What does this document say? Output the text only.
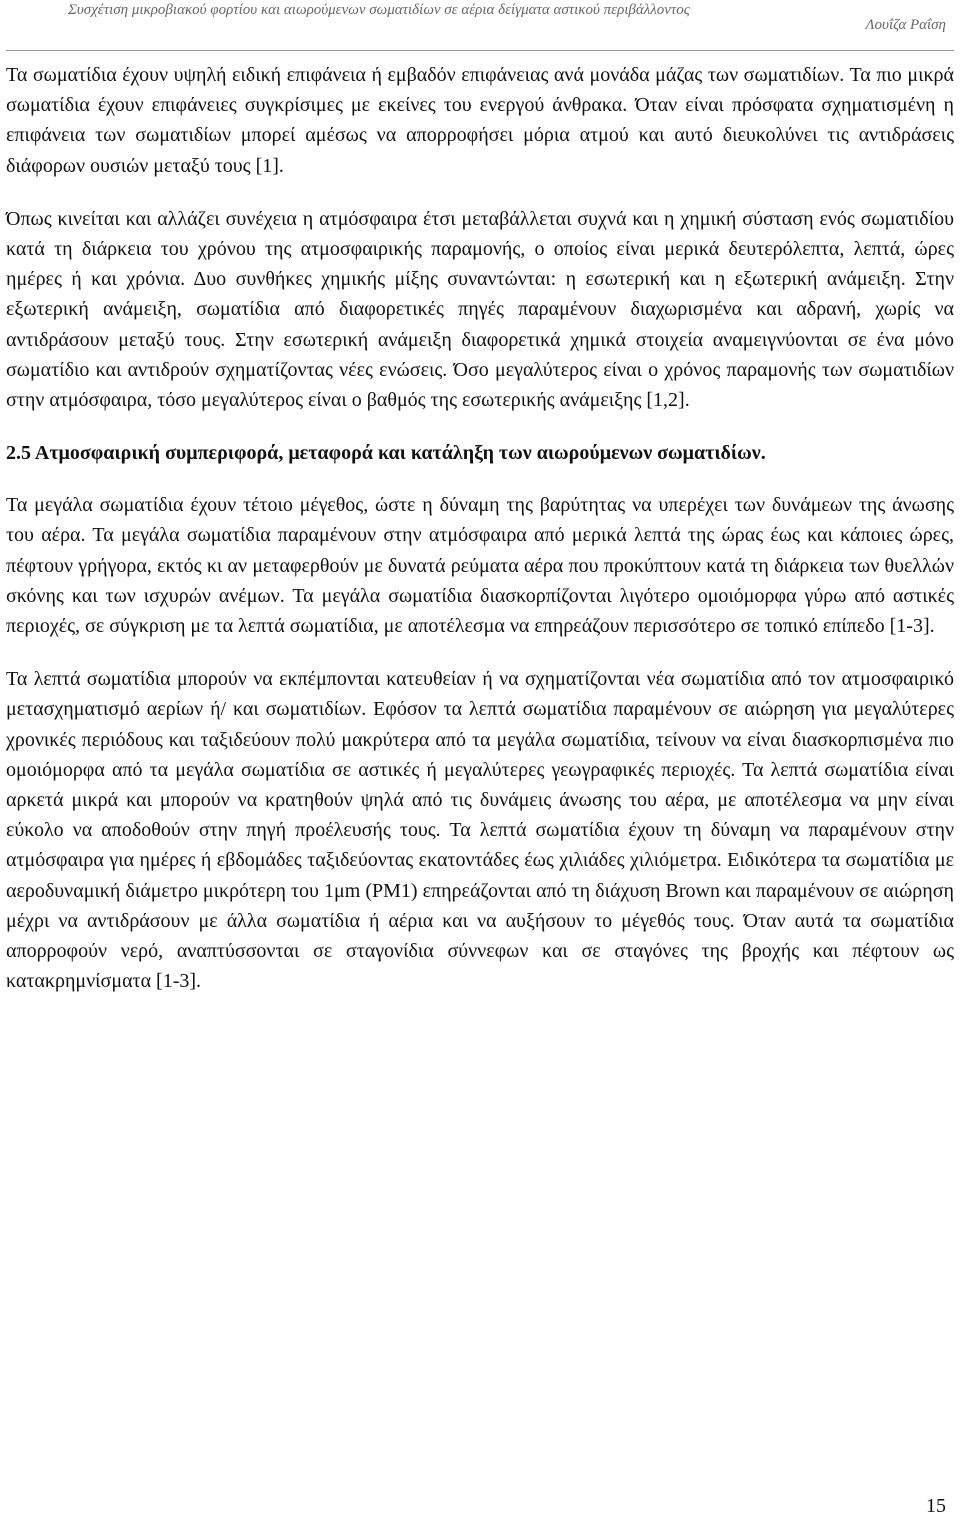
Συσχέτιση μικροβιακού φορτίου και αιωρούμενων σωματιδίων σε αέρια δείγματα αστικού περιβάλλοντος
Λουΐζα Ραΐση

Τα σωματίδια έχουν υψηλή ειδική επιφάνεια ή εμβαδόν επιφάνειας ανά μονάδα μάζας των σωματιδίων. Τα πιο μικρά σωματίδια έχουν επιφάνειες συγκρίσιμες με εκείνες του ενεργού άνθρακα. Όταν είναι πρόσφατα σχηματισμένη η επιφάνεια των σωματιδίων μπορεί αμέσως να απορροφήσει μόρια ατμού και αυτό διευκολύνει τις αντιδράσεις διάφορων ουσιών μεταξύ τους [1].

Όπως κινείται και αλλάζει συνέχεια η ατμόσφαιρα έτσι μεταβάλλεται συχνά και η χημική σύσταση ενός σωματιδίου κατά τη διάρκεια του χρόνου της ατμοσφαιρικής παραμονής, ο οποίος είναι μερικά δευτερόλεπτα, λεπτά, ώρες ημέρες ή και χρόνια. Δυο συνθήκες χημικής μίξης συναντώνται: η εσωτερική και η εξωτερική ανάμειξη. Στην εξωτερική ανάμειξη, σωματίδια από διαφορετικές πηγές παραμένουν διαχωρισμένα και αδρανή, χωρίς να αντιδράσουν μεταξύ τους. Στην εσωτερική ανάμειξη διαφορετικά χημικά στοιχεία αναμειγνύονται σε ένα μόνο σωματίδιο και αντιδρούν σχηματίζοντας νέες ενώσεις. Όσο μεγαλύτερος είναι ο χρόνος παραμονής των σωματιδίων στην ατμόσφαιρα, τόσο μεγαλύτερος είναι ο βαθμός της εσωτερικής ανάμειξης [1,2].

2.5 Ατμοσφαιρική συμπεριφορά, μεταφορά και κατάληξη των αιωρούμενων σωματιδίων.

Τα μεγάλα σωματίδια έχουν τέτοιο μέγεθος, ώστε η δύναμη της βαρύτητας να υπερέχει των δυνάμεων της άνωσης του αέρα. Τα μεγάλα σωματίδια παραμένουν στην ατμόσφαιρα από μερικά λεπτά της ώρας έως και κάποιες ώρες, πέφτουν γρήγορα, εκτός κι αν μεταφερθούν με δυνατά ρεύματα αέρα που προκύπτουν κατά τη διάρκεια των θυελλών σκόνης και των ισχυρών ανέμων. Τα μεγάλα σωματίδια διασκορπίζονται λιγότερο ομοιόμορφα γύρω από αστικές περιοχές, σε σύγκριση με τα λεπτά σωματίδια, με αποτέλεσμα να επηρεάζουν περισσότερο σε τοπικό επίπεδο [1-3].

Τα λεπτά σωματίδια μπορούν να εκπέμπονται κατευθείαν ή να σχηματίζονται νέα σωματίδια από τον ατμοσφαιρικό μετασχηματισμό αερίων ή/ και σωματιδίων. Εφόσον τα λεπτά σωματίδια παραμένουν σε αιώρηση για μεγαλύτερες χρονικές περιόδους και ταξιδεύουν πολύ μακρύτερα από τα μεγάλα σωματίδια, τείνουν να είναι διασκορπισμένα πιο ομοιόμορφα από τα μεγάλα σωματίδια σε αστικές ή μεγαλύτερες γεωγραφικές περιοχές. Τα λεπτά σωματίδια είναι αρκετά μικρά και μπορούν να κρατηθούν ψηλά από τις δυνάμεις άνωσης του αέρα, με αποτέλεσμα να μην είναι εύκολο να αποδοθούν στην πηγή προέλευσής τους. Τα λεπτά σωματίδια έχουν τη δύναμη να παραμένουν στην ατμόσφαιρα για ημέρες ή εβδομάδες ταξιδεύοντας εκατοντάδες έως χιλιάδες χιλιόμετρα. Ειδικότερα τα σωματίδια με αεροδυναμική διάμετρο μικρότερη του 1μm (PM1) επηρεάζονται από τη διάχυση Brown και παραμένουν σε αιώρηση μέχρι να αντιδράσουν με άλλα σωματίδια ή αέρια και να αυξήσουν το μέγεθός τους. Όταν αυτά τα σωματίδια απορροφούν νερό, αναπτύσσονται σε σταγονίδια σύννεφων και σε σταγόνες της βροχής και πέφτουν ως κατακρημνίσματα [1-3].

15
